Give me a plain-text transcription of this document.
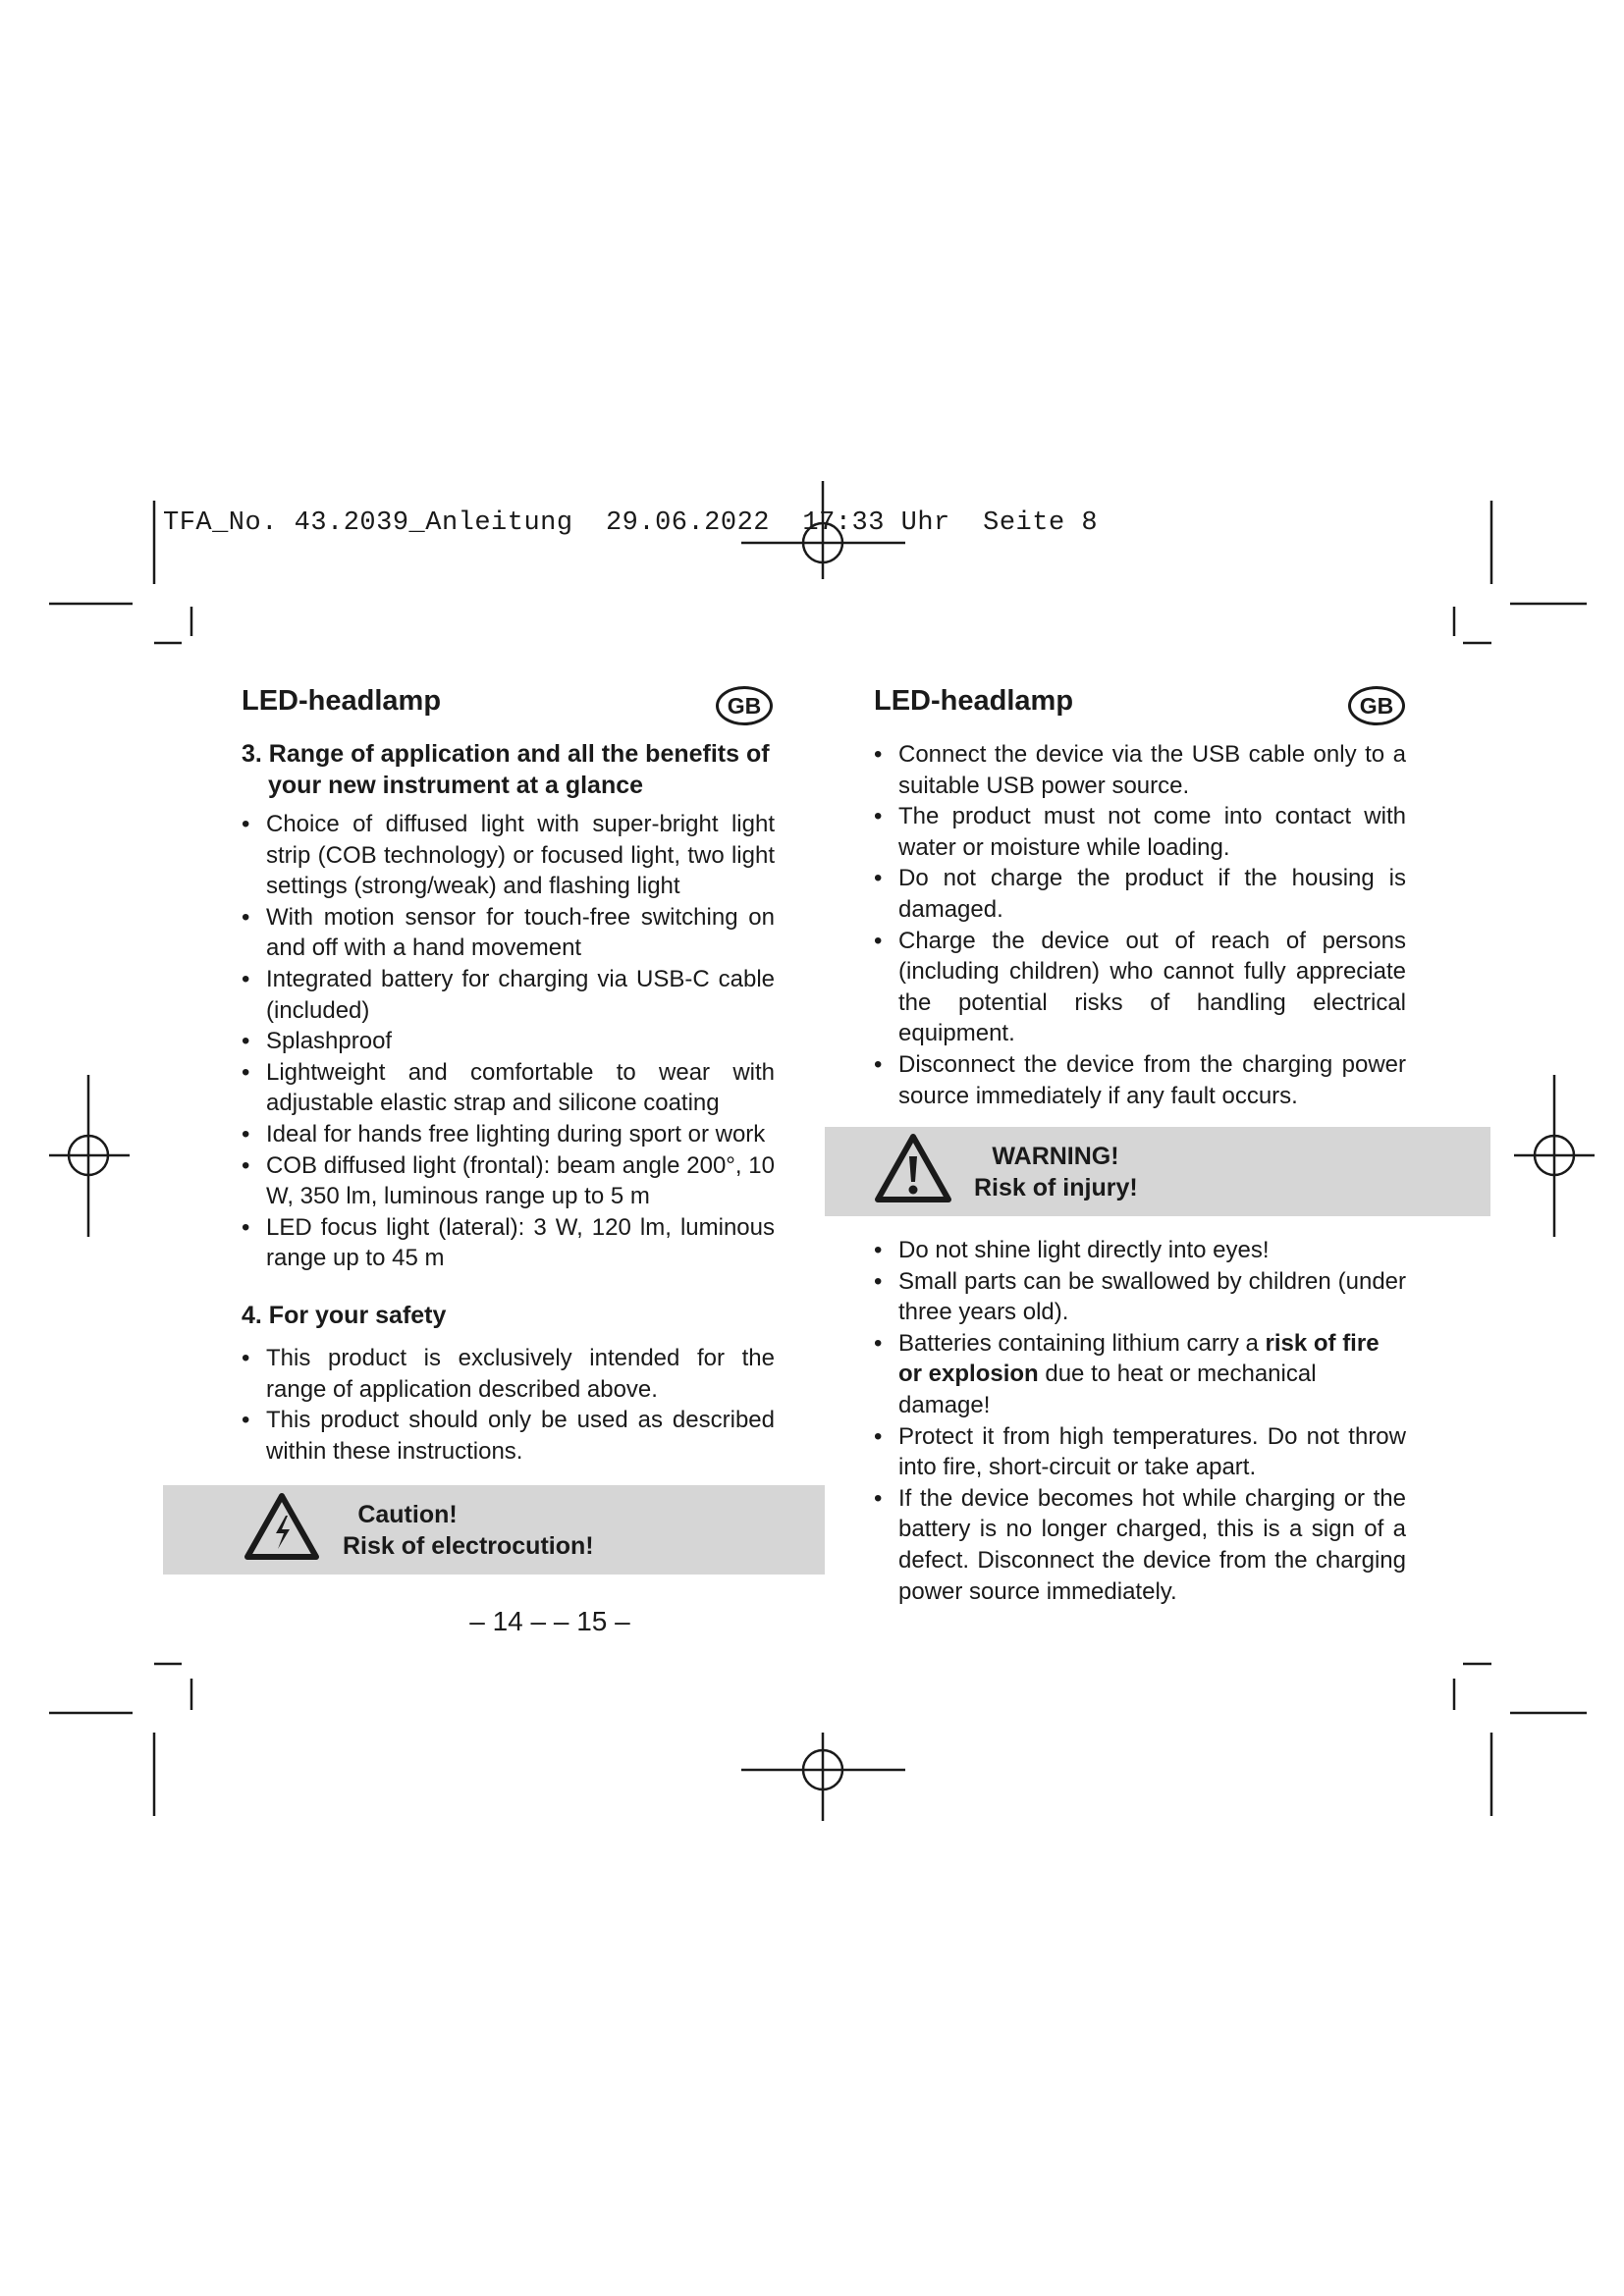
TFA_No. 43.2039_Anleitung  29.06.2022  17:33 Uhr  Seite 8
LED-headlamp	GB
3. Range of application and all the benefits of
your new instrument at a glance
• Choice of diffused light with super-bright light strip (COB technology) or focused light, two light settings (strong/weak) and flashing light
• With motion sensor for touch-free switching on and off with a hand movement
• Integrated battery for charging via USB-C cable (included)
• Splashproof
• Lightweight and comfortable to wear with adjustable elastic strap and silicone coating
• Ideal for hands free lighting during sport or work
• COB diffused light (frontal): beam angle 200°, 10 W, 350 lm, luminous range up to 5 m
• LED focus light (lateral): 3 W, 120 lm, luminous range up to 45 m
4. For your safety
• This product is exclusively intended for the range of application described above.
• This product should only be used as described within these instructions.
Caution!
Risk of electrocution!
LED-headlamp	GB
• Connect the device via the USB cable only to a suitable USB power source.
• The product must not come into contact with water or moisture while loading.
• Do not charge the product if the housing is damaged.
• Charge the device out of reach of persons (including children) who cannot fully appreciate the potential risks of handling electrical equipment.
• Disconnect the device from the charging power source immediately if any fault occurs.
WARNING!
Risk of injury!
• Do not shine light directly into eyes!
• Small parts can be swallowed by children (under three years old).
• Batteries containing lithium carry a risk of fire or explosion due to heat or mechanical damage!
• Protect it from high temperatures. Do not throw into fire, short-circuit or take apart.
• If the device becomes hot while charging or the battery is no longer charged, this is a sign of a defect. Disconnect the device from the charging power source immediately.
– 14 – – 15 –
